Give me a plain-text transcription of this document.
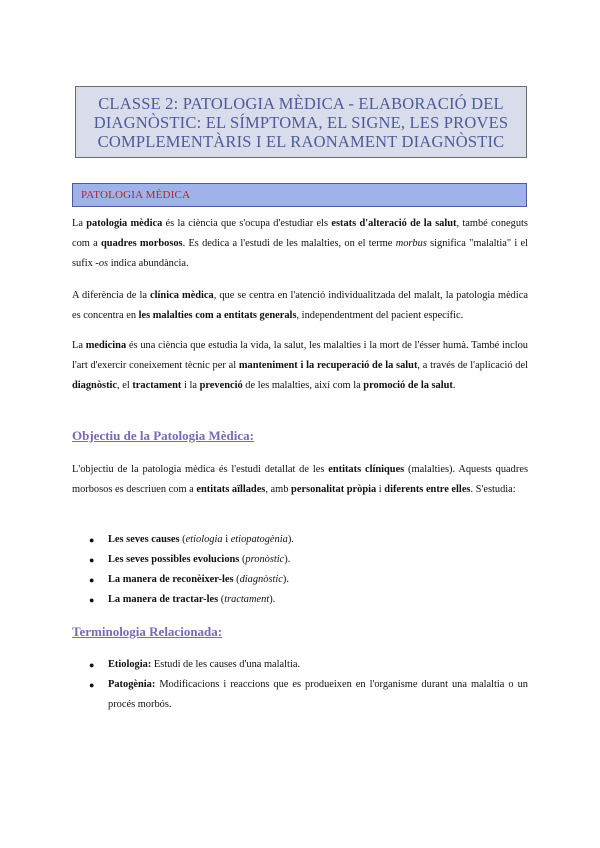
CLASSE 2: PATOLOGIA MÈDICA - ELABORACIÓ DEL DIAGNÒSTIC: EL SÍMPTOMA, EL SIGNE, LES PROVES COMPLEMENTÀRIS I EL RAONAMENT DIAGNÒSTIC
PATOLOGIA MÈDICA

La patologia mèdica és la ciència que s'ocupa d'estudiar els estats d'alteració de la salut, també coneguts com a quadres morbosos. Es dedica a l'estudi de les malalties, on el terme morbus significa "malaltia" i el sufix -os indica abundància.

A diferència de la clínica mèdica, que se centra en l'atenció individualitzada del malalt, la patologia mèdica es concentra en les malalties com a entitats generals, independentment del pacient específic.

La medicina és una ciència que estudia la vida, la salut, les malalties i la mort de l'ésser humà. També inclou l'art d'exercir coneixement tècnic per al manteniment i la recuperació de la salut, a través de l'aplicació del diagnòstic, el tractament i la prevenció de les malalties, així com la promoció de la salut.

Objectiu de la Patologia Mèdica:

L'objectiu de la patologia mèdica és l'estudi detallat de les entitats clíniques (malalties). Aquests quadres morbosos es descriuen com a entitats aïllades, amb personalitat pròpia i diferents entre elles. S'estudia:

● Les seves causes (etiologia i etiopatogènia).
● Les seves possibles evolucions (pronòstic).
● La manera de reconèixer-les (diagnòstic).
● La manera de tractar-les (tractament).
Terminologia Relacionada:
● Etiologia: Estudi de les causes d'una malaltia.
● Patogènia: Modificacions i reaccions que es produeixen en l'organisme durant una malaltia o un procés morbós.
